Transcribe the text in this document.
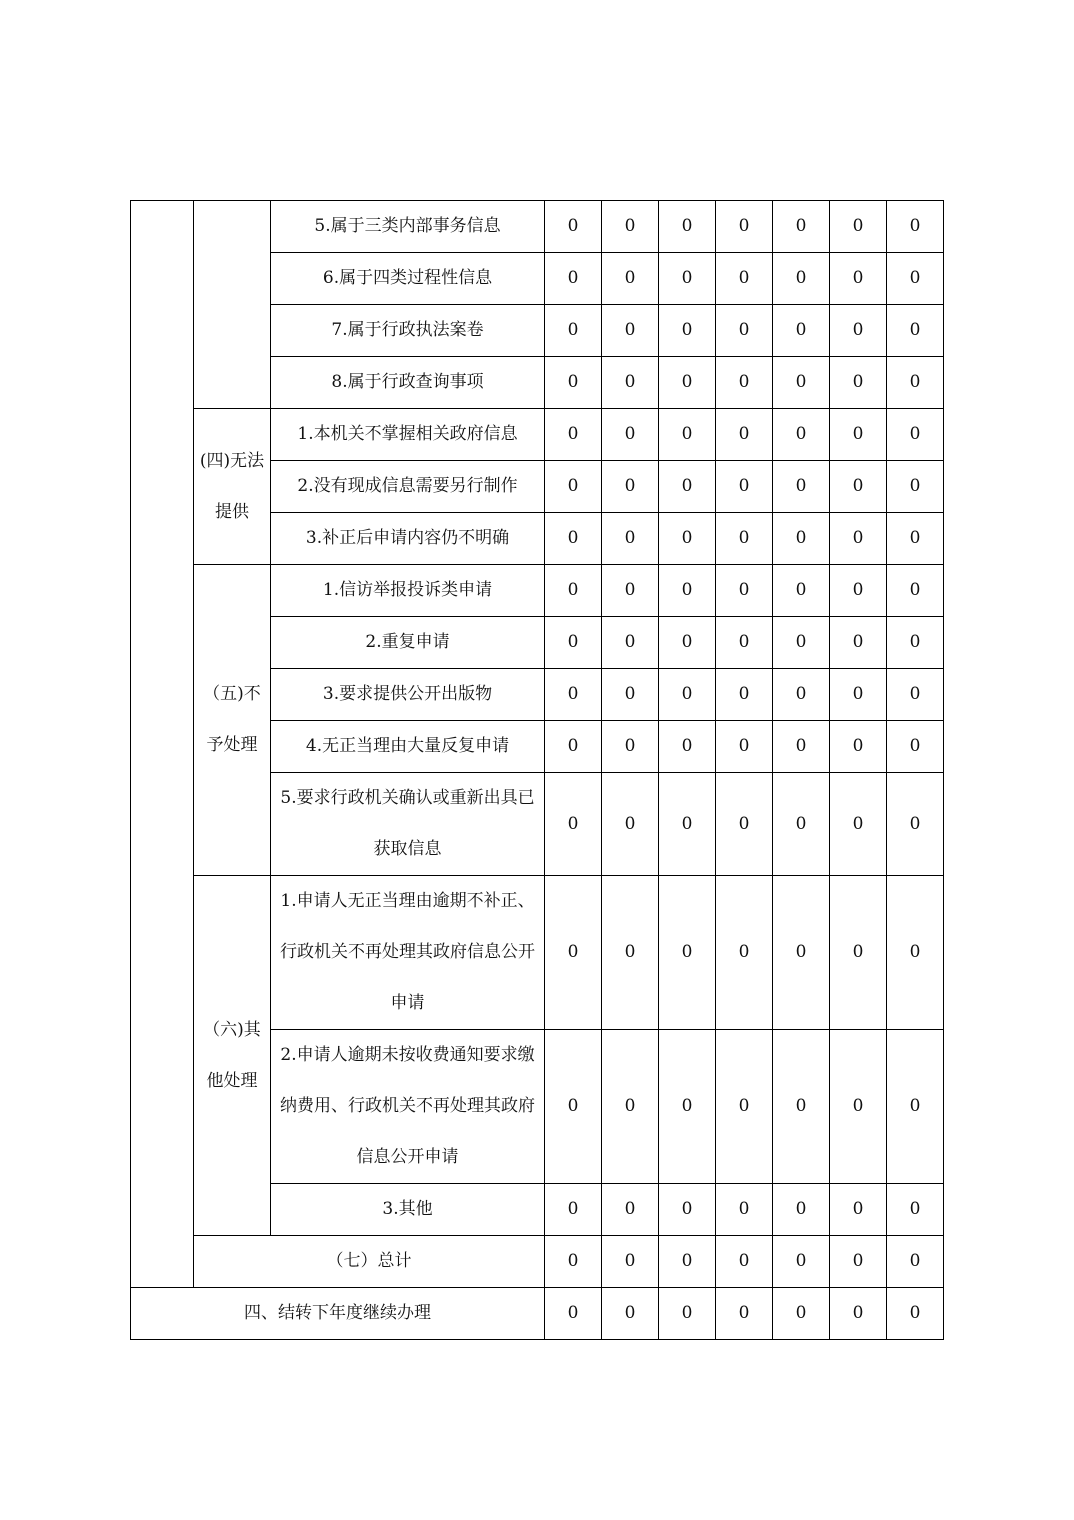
		5.属于三类内部事务信息	0	0	0	0	0	0	0
		6.属于四类过程性信息	0	0	0	0	0	0	0
		7.属于行政执法案卷	0	0	0	0	0	0	0
		8.属于行政查询事项	0	0	0	0	0	0	0
	(四)无法提供	1.本机关不掌握相关政府信息	0	0	0	0	0	0	0
		2.没有现成信息需要另行制作	0	0	0	0	0	0	0
		3.补正后申请内容仍不明确	0	0	0	0	0	0	0
	（五)不予处理	1.信访举报投诉类申请	0	0	0	0	0	0	0
		2.重复申请	0	0	0	0	0	0	0
		3.要求提供公开出版物	0	0	0	0	0	0	0
		4.无正当理由大量反复申请	0	0	0	0	0	0	0
		5.要求行政机关确认或重新出具已获取信息	0	0	0	0	0	0	0
	（六)其他处理	1.申请人无正当理由逾期不补正、行政机关不再处理其政府信息公开申请	0	0	0	0	0	0	0
		2.申请人逾期未按收费通知要求缴纳费用、行政机关不再处理其政府信息公开申请	0	0	0	0	0	0	0
		3.其他	0	0	0	0	0	0	0
	（七）总计		0	0	0	0	0	0	0
四、结转下年度继续办理			0	0	0	0	0	0	0
